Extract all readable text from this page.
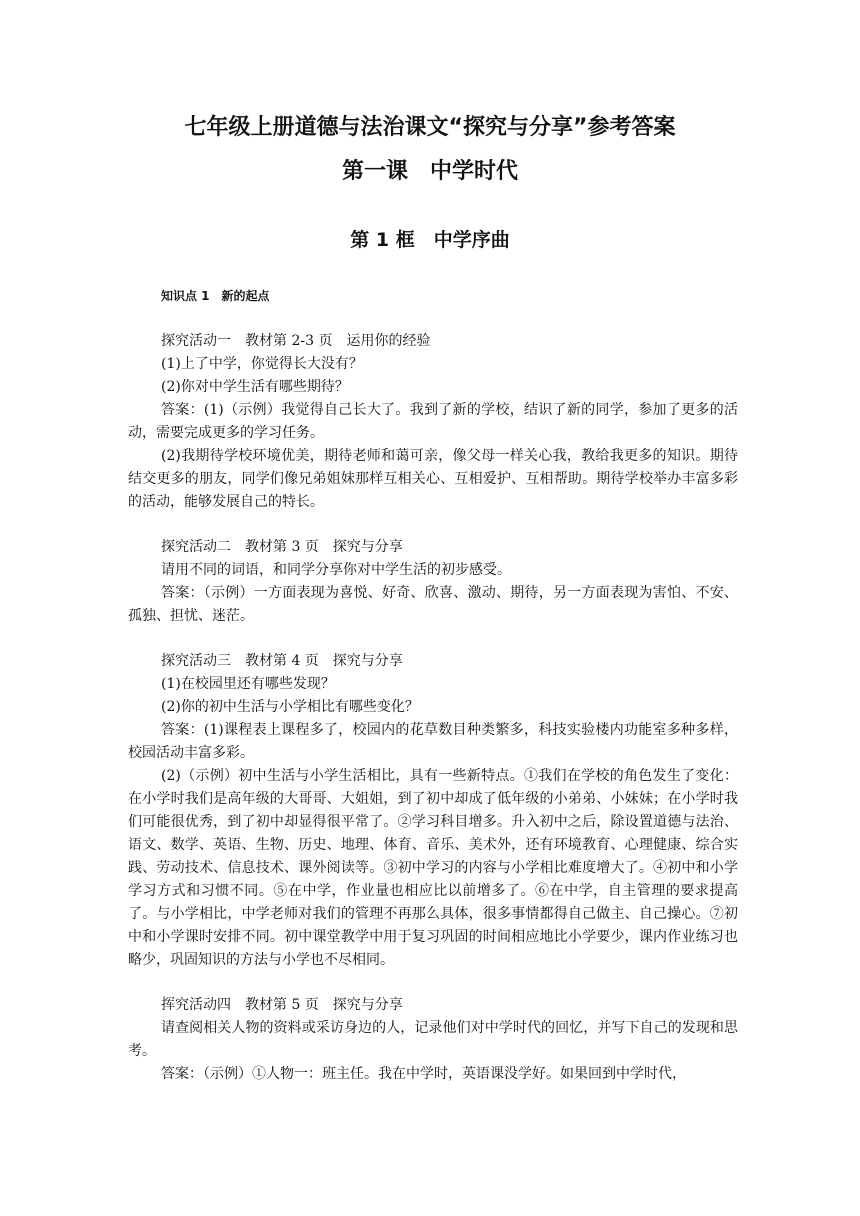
七年级上册道德与法治课文“探究与分享”参考答案
第一课　中学时代
第 1 框　中学序曲
知识点 1　新的起点

探究活动一　教材第 2-3 页　运用你的经验

(1)上了中学，你觉得长大没有？

(2)你对中学生活有哪些期待？

答案：(1)（示例）我觉得自己长大了。我到了新的学校，结识了新的同学，参加了更多的活动，需要完成更多的学习任务。

(2)我期待学校环境优美，期待老师和蔼可亲，像父母一样关心我，教给我更多的知识。期待结交更多的朋友，同学们像兄弟姐妹那样互相关心、互相爱护、互相帮助。期待学校举办丰富多彩的活动，能够发展自己的特长。

探究活动二　教材第 3 页　探究与分享

请用不同的词语，和同学分享你对中学生活的初步感受。

答案：（示例）一方面表现为喜悦、好奇、欣喜、激动、期待，另一方面表现为害怕、不安、孤独、担忧、迷茫。

探究活动三　教材第 4 页　探究与分享

(1)在校园里还有哪些发现？

(2)你的初中生活与小学相比有哪些变化？

答案：(1)课程表上课程多了，校园内的花草数目种类繁多，科技实验楼内功能室多种多样，校园活动丰富多彩。

(2)（示例）初中生活与小学生活相比，具有一些新特点。①我们在学校的角色发生了变化：在小学时我们是高年级的大哥哥、大姐姐，到了初中却成了低年级的小弟弟、小妹妹；在小学时我们可能很优秀，到了初中却显得很平常了。②学习科目增多。升入初中之后，除设置道德与法治、语文、数学、英语、生物、历史、地理、体育、音乐、美术外，还有环境教育、心理健康、综合实践、劳动技术、信息技术、课外阅读等。③初中学习的内容与小学相比难度增大了。④初中和小学学习方式和习惯不同。⑤在中学，作业量也相应比以前增多了。⑥在中学，自主管理的要求提高了。与小学相比，中学老师对我们的管理不再那么具体，很多事情都得自己做主、自己操心。⑦初中和小学课时安排不同。初中课堂教学中用于复习巩固的时间相应地比小学要少，课内作业练习也略少，巩固知识的方法与小学也不尽相同。

挥究活动四　教材第 5 页　探究与分享

请查阅相关人物的资料或采访身边的人，记录他们对中学时代的回忆，并写下自己的发现和思考。

答案：（示例）①人物一：班主任。我在中学时，英语课没学好。如果回到中学时代，
